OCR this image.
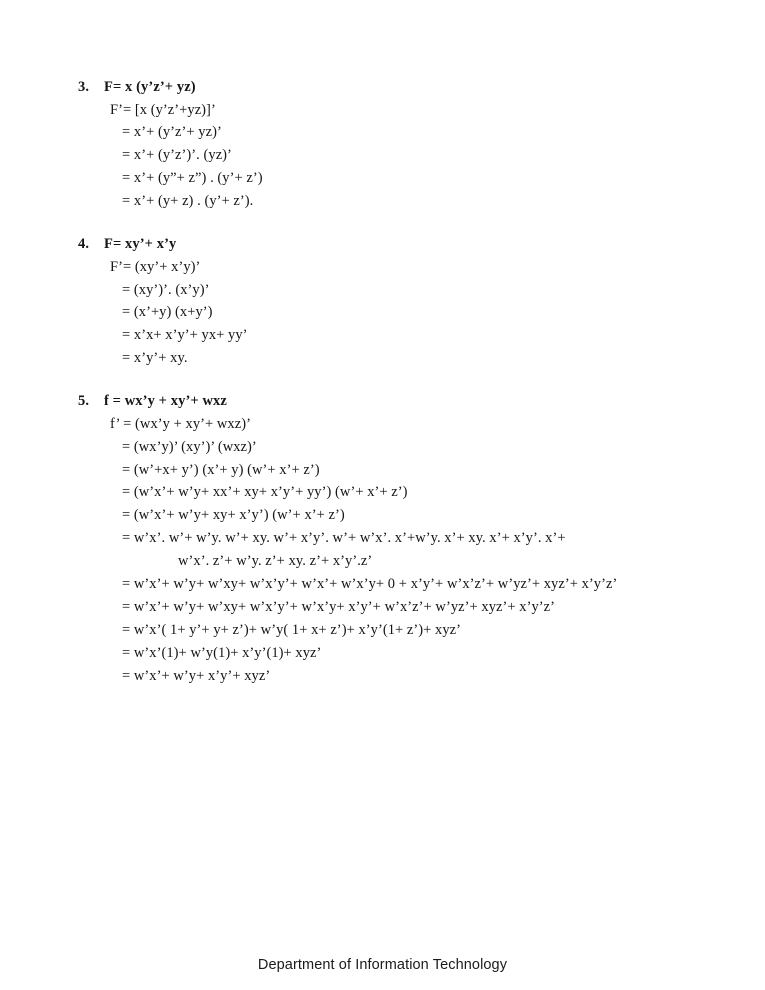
3.	F= x (y’z’+ yz)
F’= [x (y’z’+yz)]’
= x’+ (y’z’+ yz)’
= x’+ (y’z’)’. (yz)’
= x’+ (y”+ z”) . (y’+ z’)
= x’+ (y+ z) . (y’+ z’).
4.	F= xy’+ x’y
F’= (xy’+ x’y)’
= (xy’)’. (x’y)’
= (x’+y) (x+y’)
= x’x+ x’y’+ yx+ yy’
= x’y’+ xy.
5.	f = wx’y + xy’+ wxz
f’ = (wx’y + xy’+ wxz)’
= (wx’y)’ (xy’)’ (wxz)’
= (w’+x+ y’) (x’+ y) (w’+ x’+ z’)
= (w’x’+ w’y+ xx’+ xy+ x’y’+ yy’) (w’+ x’+ z’)
= (w’x’+ w’y+ xy+ x’y’) (w’+ x’+ z’)
= w’x’. w’+ w’y. w’+ xy. w’+ x’y’. w’+ w’x’. x’+w’y. x’+ xy. x’+ x’y’. x’+
w’x’. z’+ w’y. z’+ xy. z’+ x’y’.z’
= w’x’+ w’y+ w’xy+ w’x’y’+ w’x’+ w’x’y+ 0 + x’y’+ w’x’z’+ w’yz’+ xyz’+ x’y’z’
= w’x’+ w’y+ w’xy+ w’x’y’+ w’x’y+ x’y’+ w’x’z’+ w’yz’+ xyz’+ x’y’z’
= w’x’( 1+ y’+ y+ z’)+ w’y( 1+ x+ z’)+ x’y’(1+ z’)+ xyz’
= w’x’(1)+ w’y(1)+ x’y’(1)+ xyz’
= w’x’+ w’y+ x’y’+ xyz’
Department of Information Technology
